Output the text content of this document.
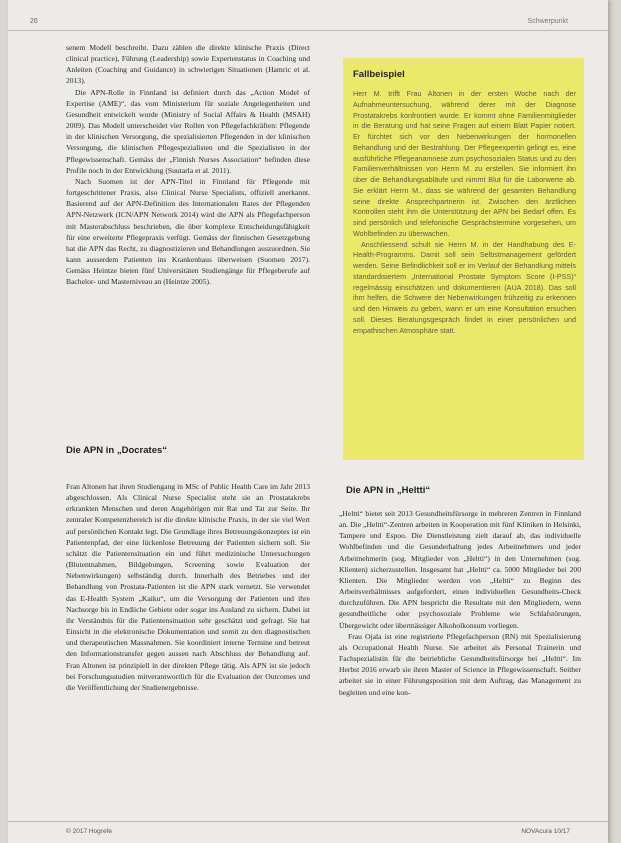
26	Schwerpunkt

senem Modell beschreibt. Dazu zählen die direkte klinische Praxis (Direct clinical practice), Führung (Leadership) sowie Expertenstatus in Coaching und Anleiten (Coaching and Guidance) in schwierigen Situationen (Hamric et al. 2013).

Die APN-Rolle in Finnland ist definiert durch das „Action Model of Expertise (AME)“, das vom Ministerium für soziale Angelegenheiten und Gesundheit entwickelt wurde (Ministry of Social Affairs & Health (MSAH) 2009). Das Modell unterscheidet vier Rollen von Pflegefachkräften: Pflegende in der klinischen Versorgung, die spezialisierten Pflegenden in der klinischen Versorgung, die klinischen Pflegespezialisten und die Spezialisten in der Pflegewissenschaft. Gemäss der „Finnish Nurses Association“ befinden diese Profile noch in der Entwicklung (Suutarla et al. 2011).

Nach Suomen ist der APN-Titel in Finnland für Pflegende mit fortgeschrittener Praxis, also Clinical Nurse Specialists, offiziell anerkannt. Basierend auf der APN-Definition des Internationalen Rates der Pflegenden APN-Netzwerk (ICN/APN Network 2014) wird die APN als Pflegefachperson mit Masterabschluss beschrieben, die über komplexe Entscheidungsfähigkeit für eine erweiterte Pflegepraxis verfügt. Gemäss der finnischen Gesetzgebung hat die APN das Recht, zu diagnostizieren und Behandlungen auszuordnen. Sie kann ausserdem Patienten ins Krankenhaus überweisen (Suomen 2017). Gemäss Heintze bieten fünf Universitäten Studiengänge für Pflegeberufe auf Bachelor- und Masterniveau an (Heintze 2005).

Die APN in „Docrates“

Fran Altonen hat ihren Studiengang in MSc of Public Health Care im Jahr 2013 abgeschlossen. Als Clinical Nurse Specialist steht sie an Prostatakrebs erkrankten Menschen und deren Angehörigen mit Rat und Tat zur Seite. Ihr zentraler Kompetenzbereich ist die direkte klinische Praxis, in der sie viel Wert auf persönlichen Kontakt legt. Die Grundlage ihres Betreuungskonzeptes ist ein Patientenpfad, der eine lückenlose Betreuung der Patienten sichern soll. Sie schätzt die Patientensituation ein und führt medizinische Untersuchungen (Blutentnahmen, Bildgebungen, Screening sowie Evaluation der Nebenwirkungen) selbständig durch. Innerhalb des Betriebes und der Behandlung von Prostata-Patienten ist die APN stark vernetzt. Sie verwendet das E-Health System „Kaiku“, um die Versorgung der Patienten und ihre Nachsorge bis in Endliche Gebiete oder sogar ins Ausland zu sichern. Dabei ist ihr Verständnis für die Patientensituation sehr geschätzt und gefragt. Sie hat Einsicht in die elektronische Dokumentation und somit zu den diagnostischen und therapeutischen Massnahmen. Sie koordiniert interne Termine und betreut den Informationstransfer gegen aussen nach Abschluss der Behandlung auf. Fran Altonen ist prinzipiell in der direkten Pflege tätig. Als APN ist sie jedoch bei Forschungsstudien mitverantwortlich für die Evaluation der Outcomes und die Veröffentlichung der Studienergebnisse.

Fallbeispiel

Herr M. trifft Frau Altonen in der ersten Woche nach der Aufnahmeuntersuchung, während derer mit der Diagnose Prostatakrebs konfrontiert wurde. Er kommt ohne Familienmitglieder in die Beratung und hat seine Fragen auf einem Blatt Papier notiert. Er fürchtet sich vor den Nebenwirkungen der hormonellen Behandlung und der Bestrahlung. Der Pflegeexpertin gelingt es, eine ausführliche Pflegeanamnese zum psychosozialen Status und zu den Familienverhältnissen von Herrn M. zu erstellen. Sie informiert ihn über die Behandlungsabläufe und nimmt Blut für die Laborwerte ab. Sie erklärt Herrn M., dass sie während der gesamten Behandlung seine direkte Ansprechpartnerin ist. Zwischen den ärztlichen Kontrollen steht ihm die Unterstützung der APN bei Bedarf offen. Es sind persönlich und telefonische Gesprächstermine vorgesehen, um Wohlbefinden zu überwachen.

Anschliessend schult sie Herrn M. in der Handhabung des E-Health-Programms. Damit soll sein Selbstmanagement gefördert werden. Seine Befindlichkeit soll er im Verlauf der Behandlung mittels standardisiertem „International Prostate Symptom Score (I-PSS)“ regelmässig einschätzen und dokumentieren (AUA 2018). Das soll ihm helfen, die Schwere der Nebenwirkungen frühzeitig zu erkennen und den Hinweis zu geben, wann er um eine Konsultation ersuchen soll. Dieses Beratungsgespräch findet in einer persönlichen und empathischen Atmosphäre statt.

Die APN in „Heltti“

„Heltti“ bietet seit 2013 Gesundheitsfürsorge in mehreren Zentren in Finnland an. Die „Heltti“-Zentren arbeiten in Kooperation mit fünf Kliniken in Helsinki, Tampere und Espoo. Die Dienstleistung zielt darauf ab, das individuelle Wohlbefinden und die Gesunderhaltung jedes Arbeitnehmers und jeder Arbeitnehmerin (sog. Mitglieder von „Heltti“) in den Unternehmen (sog. Klienten) sicherzustellen. Insgesamt hat „Heltti“ ca. 5000 Mitglieder bei 200 Klienten. Die Mitglieder werden von „Heltti“ zu Beginn des Arbeitsverhältnisses aufgefordert, einen individuellen Gesundheits-Check durchzuführen. Die APN bespricht die Resultate mit den Mitgliedern, wenn gesundheitliche oder psychosoziale Probleme wie Schlafstörungen, Übergewicht oder übermässiger Alkoholkonsum vorliegen.

Frau Ojala ist eine registrierte Pflegefachperson (RN) mit Spezialisierung als Occupational Health Nurse. Sie arbeitet als Personal Trainerin und Fachspezialistin für die betriebliche Gesundheitsfürsorge bei „Heltti“. Im Herbst 2016 erwarb sie ihren Master of Science in Pflegewissenschaft. Seither arbeitet sie in einer Führungsposition mit dem Auftrag, das Management zu begleiten und eine kon-

© 2017 Hogrefe	NOVAcura 10/17
